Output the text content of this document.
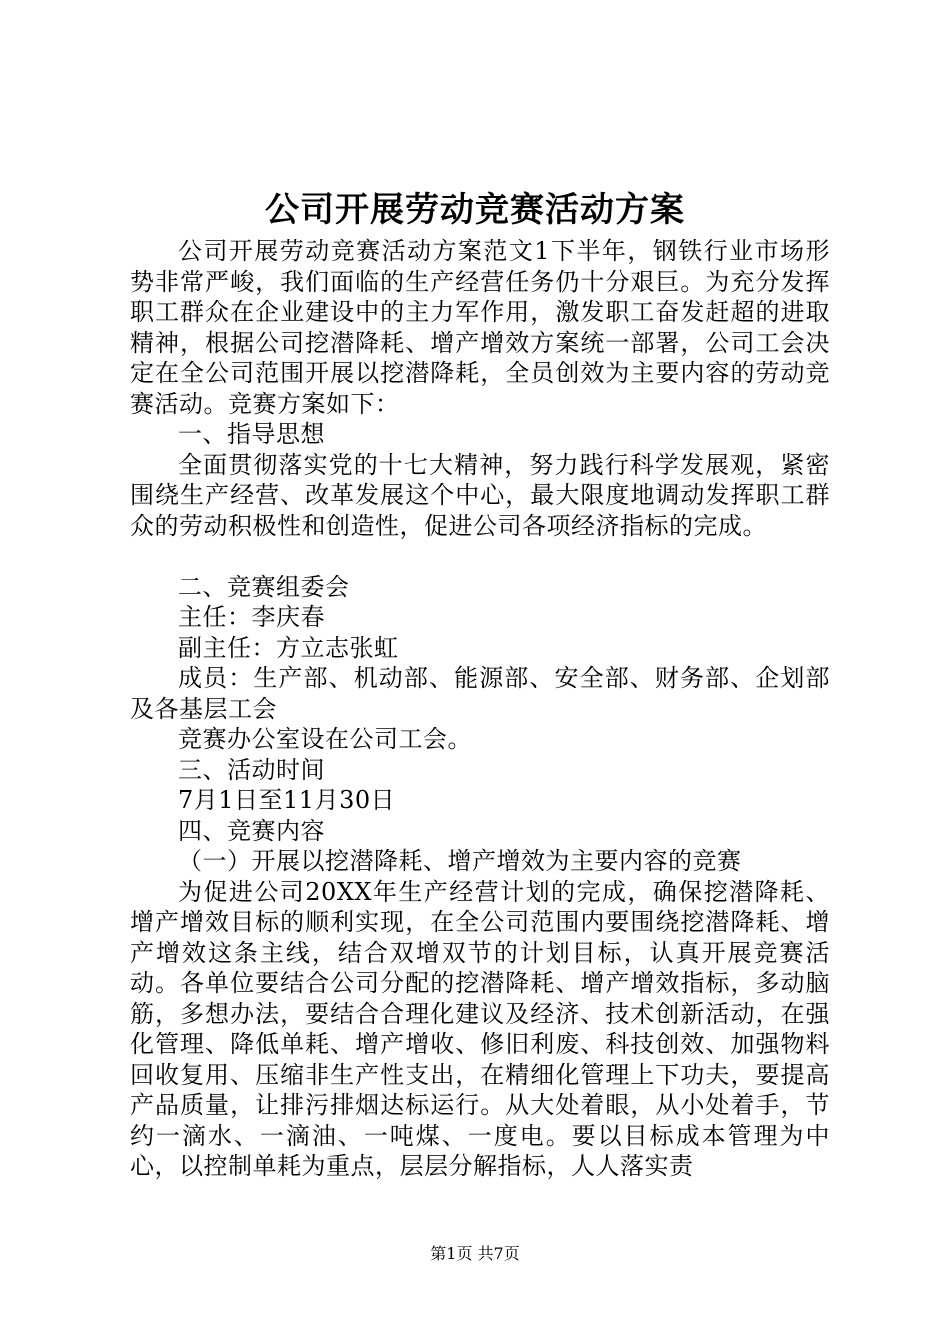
公司开展劳动竞赛活动方案

公司开展劳动竞赛活动方案范文1下半年，钢铁行业市场形势非常严峻，我们面临的生产经营任务仍十分艰巨。为充分发挥职工群众在企业建设中的主力军作用，激发职工奋发赶超的进取精神，根据公司挖潜降耗、增产增效方案统一部署，公司工会决定在全公司范围开展以挖潜降耗，全员创效为主要内容的劳动竞赛活动。竞赛方案如下：

一、指导思想

全面贯彻落实党的十七大精神，努力践行科学发展观，紧密围绕生产经营、改革发展这个中心，最大限度地调动发挥职工群众的劳动积极性和创造性，促进公司各项经济指标的完成。

二、竞赛组委会

主任：李庆春

副主任：方立志张虹

成员：生产部、机动部、能源部、安全部、财务部、企划部及各基层工会

竞赛办公室设在公司工会。

三、活动时间

7月1日至11月30日

四、竞赛内容

（一）开展以挖潜降耗、增产增效为主要内容的竞赛

为促进公司20XX年生产经营计划的完成，确保挖潜降耗、增产增效目标的顺利实现，在全公司范围内要围绕挖潜降耗、增产增效这条主线，结合双增双节的计划目标，认真开展竞赛活动。各单位要结合公司分配的挖潜降耗、增产增效指标，多动脑筋，多想办法，要结合合理化建议及经济、技术创新活动，在强化管理、降低单耗、增产增收、修旧利废、科技创效、加强物料回收复用、压缩非生产性支出，在精细化管理上下功夫，要提高产品质量，让排污排烟达标运行。从大处着眼，从小处着手，节约一滴水、一滴油、一吨煤、一度电。要以目标成本管理为中心，以控制单耗为重点，层层分解指标，人人落实责

第1页 共7页
